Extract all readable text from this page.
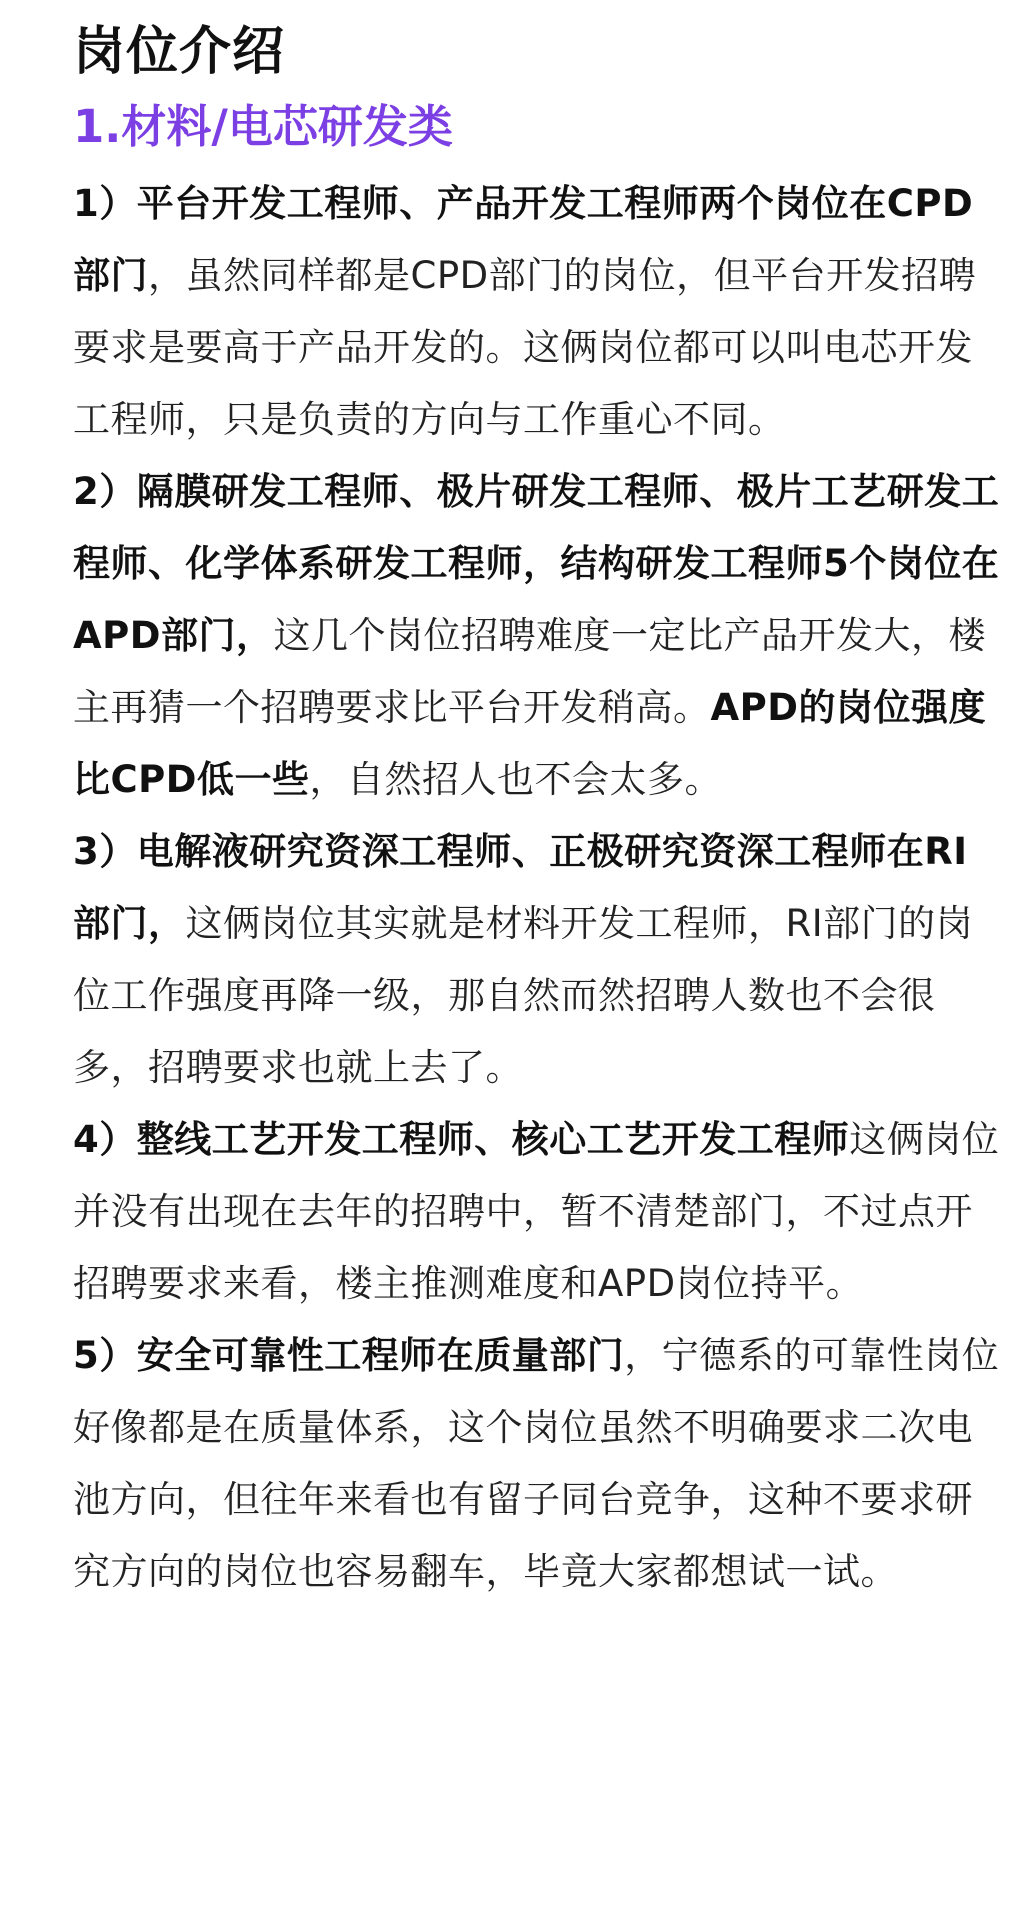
岗位介绍
1.材料/电芯研发类

1）平台开发工程师、产品开发工程师两个岗位在CPD部门，虽然同样都是CPD部门的岗位，但平台开发招聘要求是要高于产品开发的。这俩岗位都可以叫电芯开发工程师，只是负责的方向与工作重心不同。

2）隔膜研发工程师、极片研发工程师、极片工艺研发工程师、化学体系研发工程师，结构研发工程师5个岗位在APD部门，这几个岗位招聘难度一定比产品开发大，楼主再猜一个招聘要求比平台开发稍高。APD的岗位强度比CPD低一些，自然招人也不会太多。

3）电解液研究资深工程师、正极研究资深工程师在RI部门，这俩岗位其实就是材料开发工程师，RI部门的岗位工作强度再降一级，那自然而然招聘人数也不会很多，招聘要求也就上去了。

4）整线工艺开发工程师、核心工艺开发工程师这俩岗位并没有出现在去年的招聘中，暂不清楚部门，不过点开招聘要求来看，楼主推测难度和APD岗位持平。

5）安全可靠性工程师在质量部门，宁德系的可靠性岗位好像都是在质量体系，这个岗位虽然不明确要求二次电池方向，但往年来看也有留子同台竞争，这种不要求研究方向的岗位也容易翻车，毕竟大家都想试一试。
